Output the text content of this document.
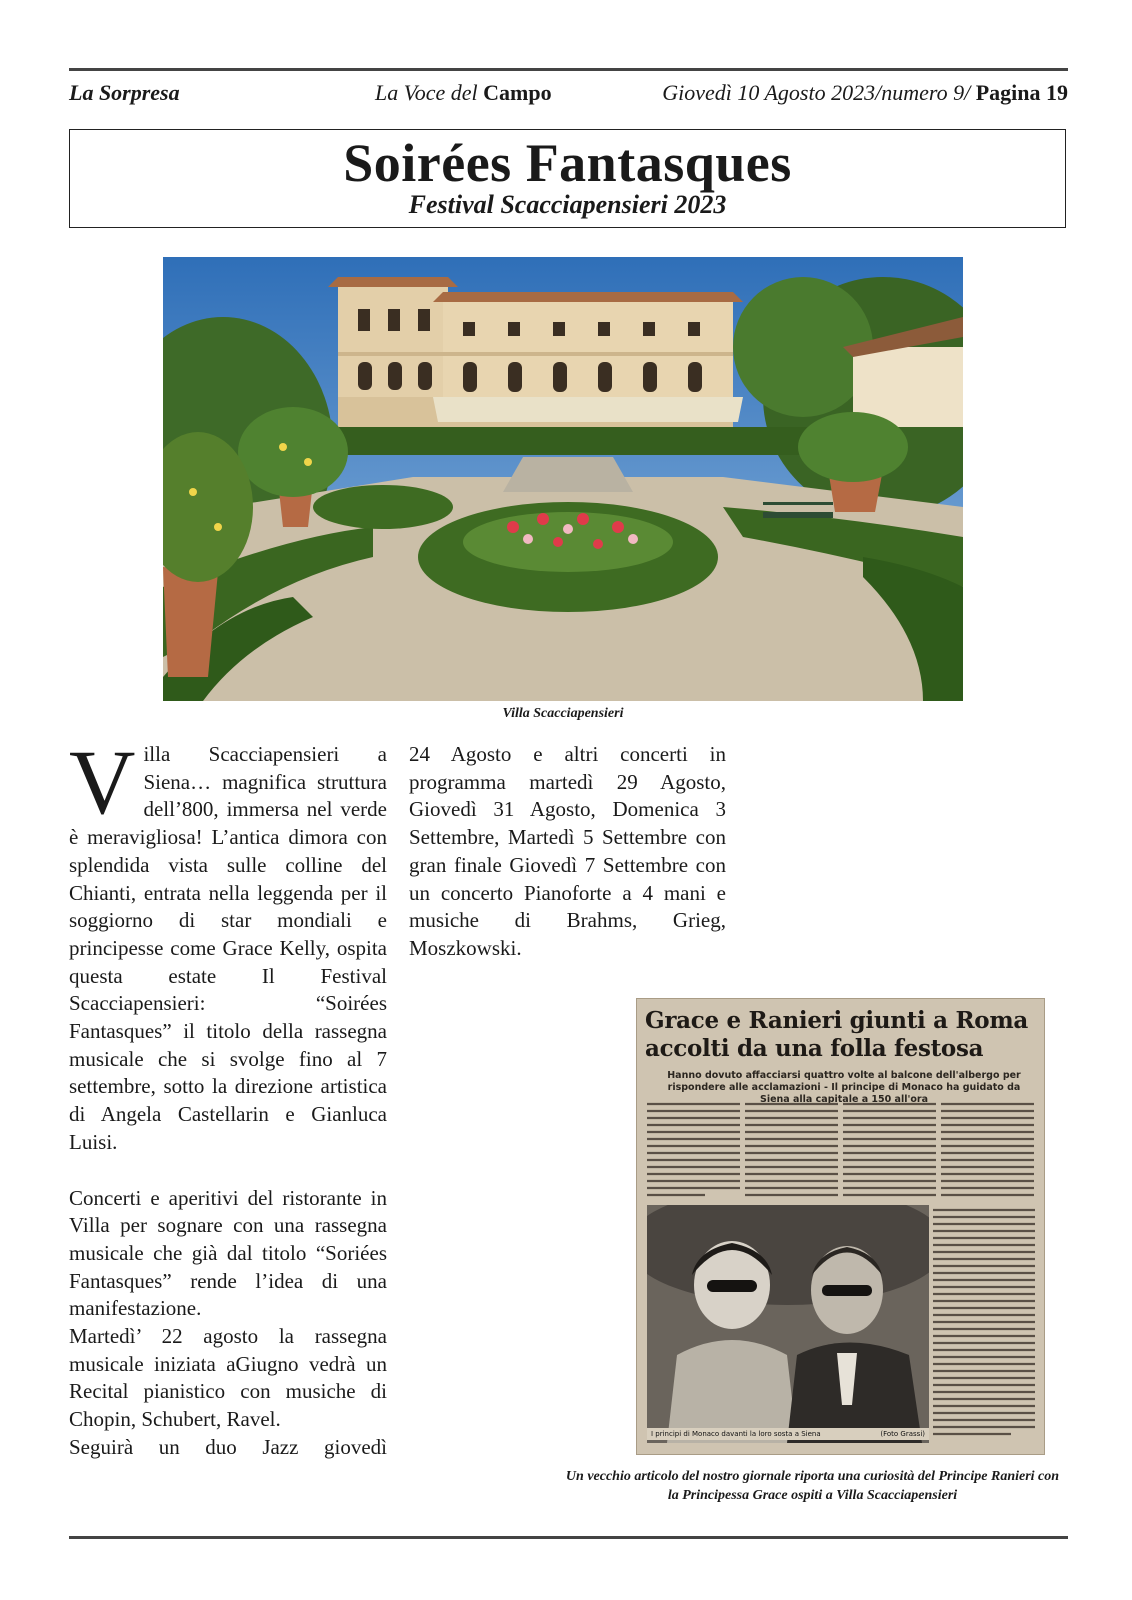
La Sorpresa	La Voce del Campo	Giovedì 10 Agosto 2023/numero 9/ Pagina 19
Soirées Fantasques
Festival Scacciapensieri 2023
Villa Scacciapensieri

Villa Scacciapensieri a Siena… magnifica struttura dell’800, immersa nel verde è meravigliosa! L’antica dimora con splendida vista sulle colline del Chianti, entrata nella leggenda per il soggiorno di star mondiali e principesse come Grace Kelly, ospita questa estate Il Festival Scacciapensieri: “Soirées Fantasques” il titolo della rassegna musicale che si svolge fino al 7 settembre, sotto la direzione artistica di Angela Castellarin e Gianluca Luisi.

Concerti e aperitivi del ristorante in Villa per sognare con una rassegna musicale che già dal titolo “Soriées Fantasques” rende l’idea di una manifestazione.

Martedì’ 22 agosto la rassegna musicale iniziata aGiugno vedrà un Recital pianistico con musiche di Chopin, Schubert, Ravel.

Seguirà un duo Jazz giovedì

24 Agosto e altri concerti in programma martedì 29 Agosto, Giovedì 31 Agosto, Domenica 3 Settembre, Martedì 5 Settembre con gran finale Giovedì 7 Settembre con un concerto Pianoforte a 4 mani e musiche di Brahms, Grieg, Moszkowski.

Grace e Ranieri giunti a Roma accolti da una folla festosa
Hanno dovuto affacciarsi quattro volte al balcone dell'albergo per rispondere alle acclamazioni - Il principe di Monaco ha guidato da Siena alla capitale a 150 all'ora
I principi di Monaco davanti la loro sosta a Siena	(Foto Grassi)
Un vecchio articolo del nostro giornale riporta una curiosità del Principe Ranieri con la Principessa Grace ospiti a Villa Scacciapensieri
